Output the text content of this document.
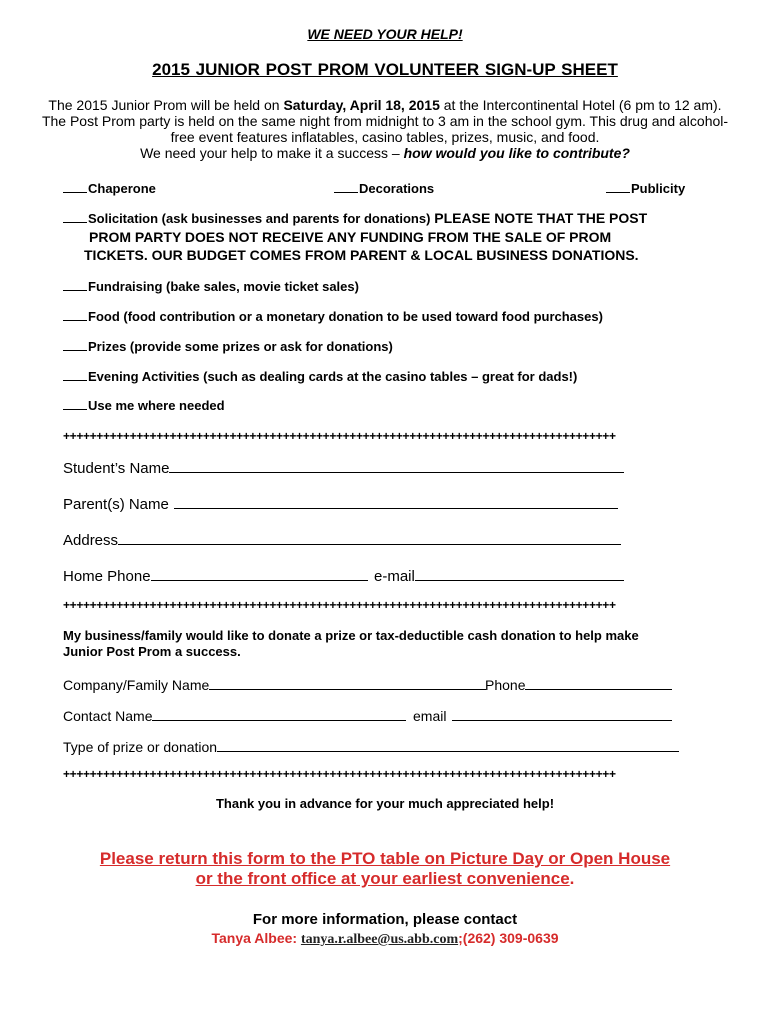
WE NEED YOUR HELP!
2015 JUNIOR POST PROM VOLUNTEER SIGN-UP SHEET
The 2015 Junior Prom will be held on Saturday, April 18, 2015 at the Intercontinental Hotel (6 pm to 12 am). The Post Prom party is held on the same night from midnight to 3 am in the school gym. This drug and alcohol-free event features inflatables, casino tables, prizes, music, and food.
We need your help to make it a success – how would you like to contribute?
Chaperone	Decorations	Publicity
Solicitation (ask businesses and parents for donations) PLEASE NOTE THAT THE POST
PROM PARTY DOES NOT RECEIVE ANY FUNDING FROM THE SALE OF PROM
TICKETS. OUR BUDGET COMES FROM PARENT & LOCAL BUSINESS DONATIONS.
Fundraising (bake sales, movie ticket sales)
Food (food contribution or a monetary donation to be used toward food purchases)
Prizes (provide some prizes or ask for donations)
Evening Activities (such as dealing cards at the casino tables – great for dads!)
Use me where needed
+++++++++++++++++++++++++++++++++++++++++++++++++++++++++++++++++++++++++++++++++++
Student’s Name
Parent(s) Name
Address
Home Phone	e-mail
+++++++++++++++++++++++++++++++++++++++++++++++++++++++++++++++++++++++++++++++++++
My business/family would like to donate a prize or tax-deductible cash donation to help make
Junior Post Prom a success.
Company/Family Name	Phone
Contact Name	email
Type of prize or donation
+++++++++++++++++++++++++++++++++++++++++++++++++++++++++++++++++++++++++++++++++++
Thank you in advance for your much appreciated help!
Please return this form to the PTO table on Picture Day or Open House
or the front office at your earliest convenience.
For more information, please contact
Tanya Albee: tanya.r.albee@us.abb.com;(262) 309-0639
